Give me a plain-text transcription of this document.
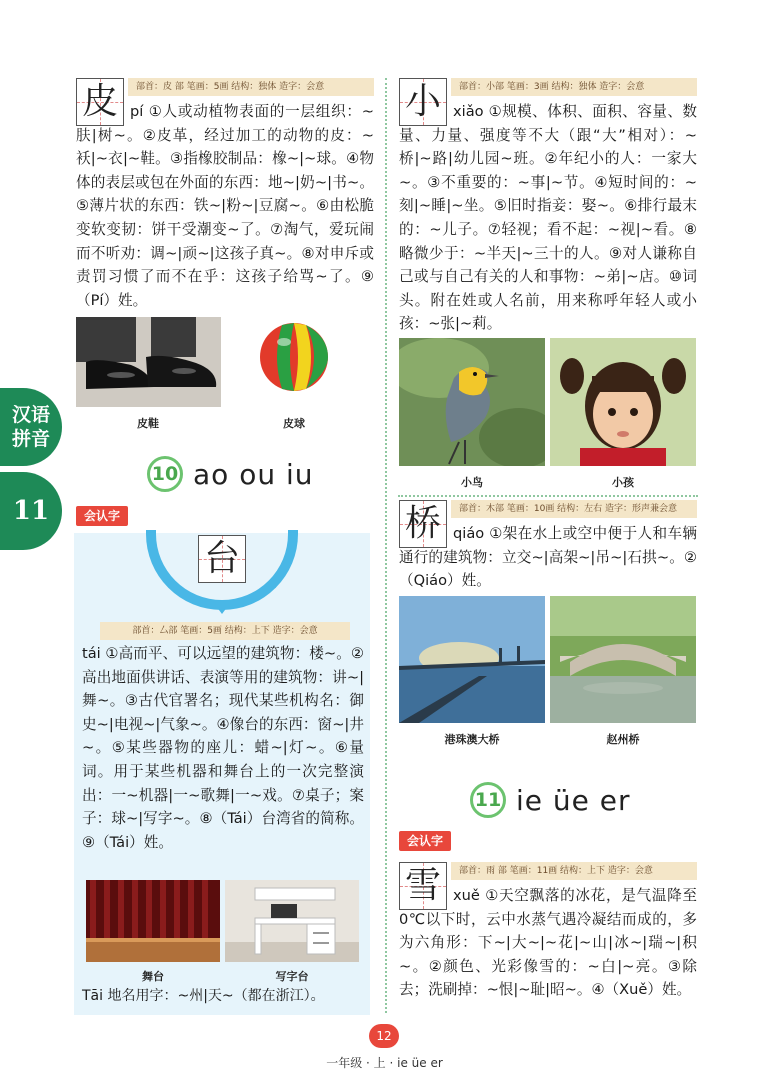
汉语
拼音
11
皮	部首：皮 部 笔画：5画 结构：独体 造字：会意
pí ①人或动植物表面的一层组织：~肤|树~。②皮革，经过加工的动物的皮：~袄|~衣|~鞋。③指橡胶制品：橡~|~球。④物体的表层或包在外面的东西：地~|奶~|书~。⑤薄片状的东西：铁~|粉~|豆腐~。⑥由松脆变软变韧：饼干受潮变~了。⑦淘气，爱玩闹而不听劝：调~|顽~|这孩子真~。⑧对申斥或责罚习惯了而不在乎：这孩子给骂~了。⑨（Pí）姓。
皮鞋	皮球
10 ao ou iu
会认字
台
部首：厶部 笔画：5画 结构：上下 造字：会意
tái ①高而平、可以远望的建筑物：楼~。②高出地面供讲话、表演等用的建筑物：讲~|舞~。③古代官署名；现代某些机构名：御史~|电视~|气象~。④像台的东西：窗~|井~。⑤某些器物的座儿：蜡~|灯~。⑥量词。用于某些机器和舞台上的一次完整演出：一~机器|一~歌舞|一~戏。⑦桌子；案子：球~|写字~。⑧（Tái）台湾省的简称。⑨（Tái）姓。
舞台	写字台
Tāi 地名用字：~州|天~（都在浙江）。
小	部首：小部 笔画：3画 结构：独体 造字：会意
xiǎo ①规模、体积、面积、容量、数量、力量、强度等不大（跟“大”相对）：~桥|~路|幼儿园~班。②年纪小的人：一家大~。③不重要的：~事|~节。④短时间的：~刻|~睡|~坐。⑤旧时指妾：娶~。⑥排行最末的：~儿子。⑦轻视；看不起：~视|~看。⑧略微少于：~半天|~三十的人。⑨对人谦称自己或与自己有关的人和事物：~弟|~店。⑩词头。附在姓或人名前，用来称呼年轻人或小孩：~张|~莉。
小鸟	小孩
桥	部首：木部 笔画：10画 结构：左右 造字：形声兼会意
qiáo ①架在水上或空中便于人和车辆通行的建筑物：立交~|高架~|吊~|石拱~。②（Qiáo）姓。
港珠澳大桥	赵州桥
11 ie üe er
会认字
雪	部首：雨 部 笔画：11画 结构：上下 造字：会意
xuě ①天空飘落的冰花，是气温降至0℃以下时，云中水蒸气遇冷凝结而成的，多为六角形：下~|大~|~花|~山|冰~|瑞~|积~。②颜色、光彩像雪的：~白|~亮。③除去；洗刷掉：~恨|~耻|昭~。④（Xuě）姓。
12
一年级 · 上 · ie üe er
